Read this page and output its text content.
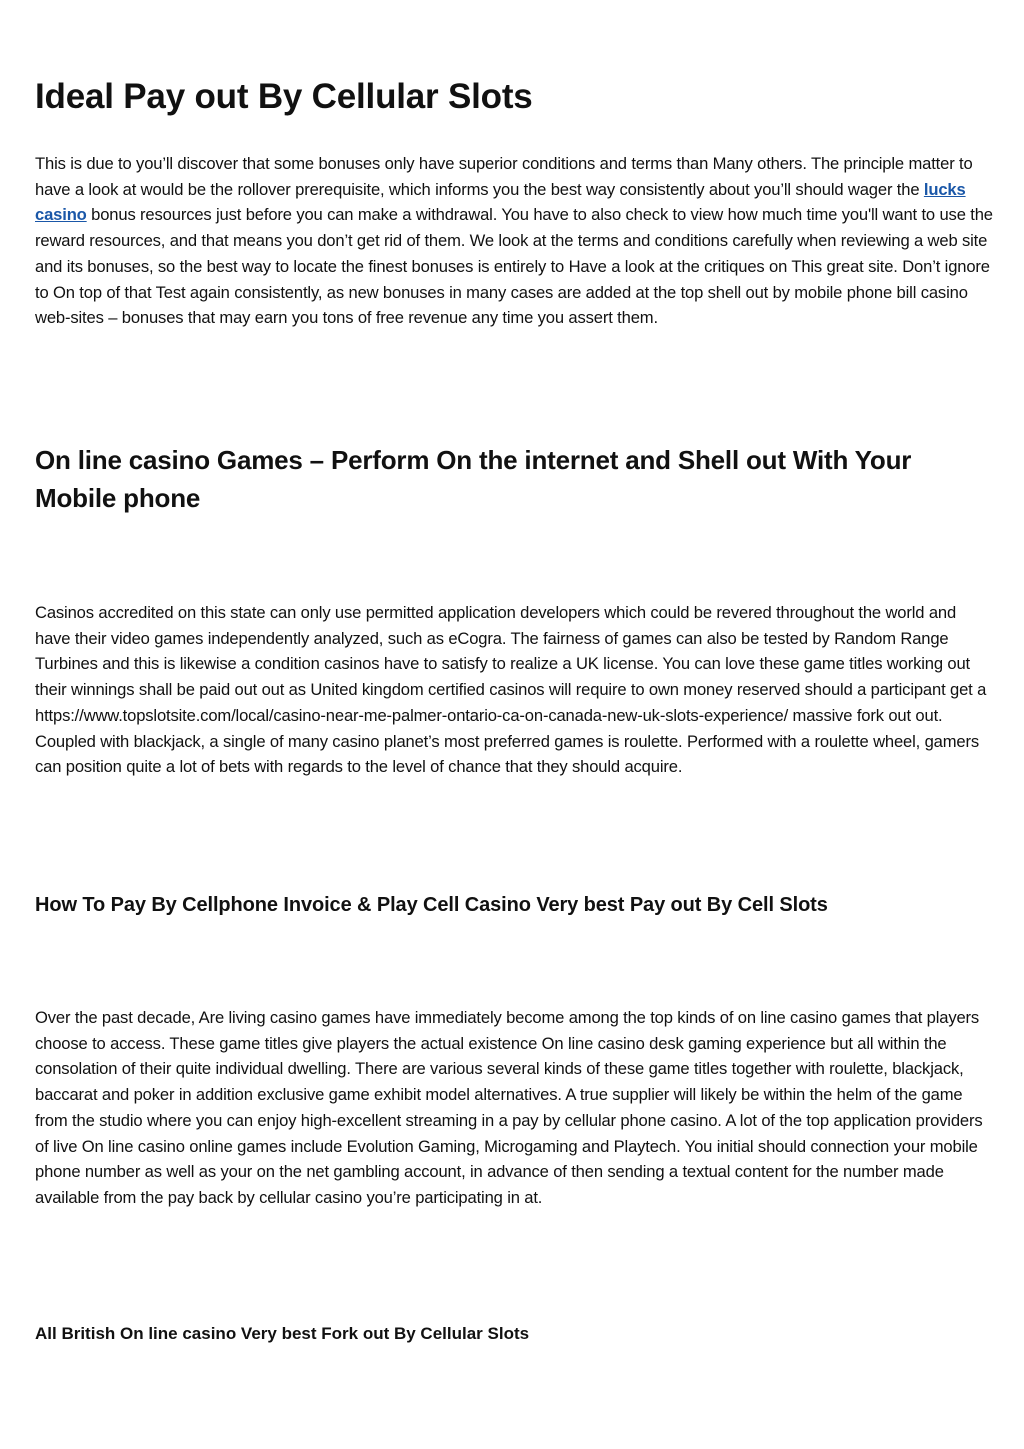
Ideal Pay out By Cellular Slots

This is due to you’ll discover that some bonuses only have superior conditions and terms than Many others. The principle matter to have a look at would be the rollover prerequisite, which informs you the best way consistently about you’ll should wager the lucks casino bonus resources just before you can make a withdrawal. You have to also check to view how much time you'll want to use the reward resources, and that means you don’t get rid of them. We look at the terms and conditions carefully when reviewing a web site and its bonuses, so the best way to locate the finest bonuses is entirely to Have a look at the critiques on This great site. Don’t ignore to On top of that Test again consistently, as new bonuses in many cases are added at the top shell out by mobile phone bill casino web-sites – bonuses that may earn you tons of free revenue any time you assert them.

On line casino Games – Perform On the internet and Shell out With Your Mobile phone

Casinos accredited on this state can only use permitted application developers which could be revered throughout the world and have their video games independently analyzed, such as eCogra. The fairness of games can also be tested by Random Range Turbines and this is likewise a condition casinos have to satisfy to realize a UK license. You can love these game titles working out their winnings shall be paid out out as United kingdom certified casinos will require to own money reserved should a participant get a https://www.topslotsite.com/local/casino-near-me-palmer-ontario-ca-on-canada-new-uk-slots-experience/ massive fork out out. Coupled with blackjack, a single of many casino planet’s most preferred games is roulette. Performed with a roulette wheel, gamers can position quite a lot of bets with regards to the level of chance that they should acquire.

How To Pay By Cellphone Invoice & Play Cell Casino Very best Pay out By Cell Slots

Over the past decade, Are living casino games have immediately become among the top kinds of on line casino games that players choose to access. These game titles give players the actual existence On line casino desk gaming experience but all within the consolation of their quite individual dwelling. There are various several kinds of these game titles together with roulette, blackjack, baccarat and poker in addition exclusive game exhibit model alternatives. A true supplier will likely be within the helm of the game from the studio where you can enjoy high-excellent streaming in a pay by cellular phone casino. A lot of the top application providers of live On line casino online games include Evolution Gaming, Microgaming and Playtech. You initial should connection your mobile phone number as well as your on the net gambling account, in advance of then sending a textual content for the number made available from the pay back by cellular casino you’re participating in at.

All British On line casino Very best Fork out By Cellular Slots
